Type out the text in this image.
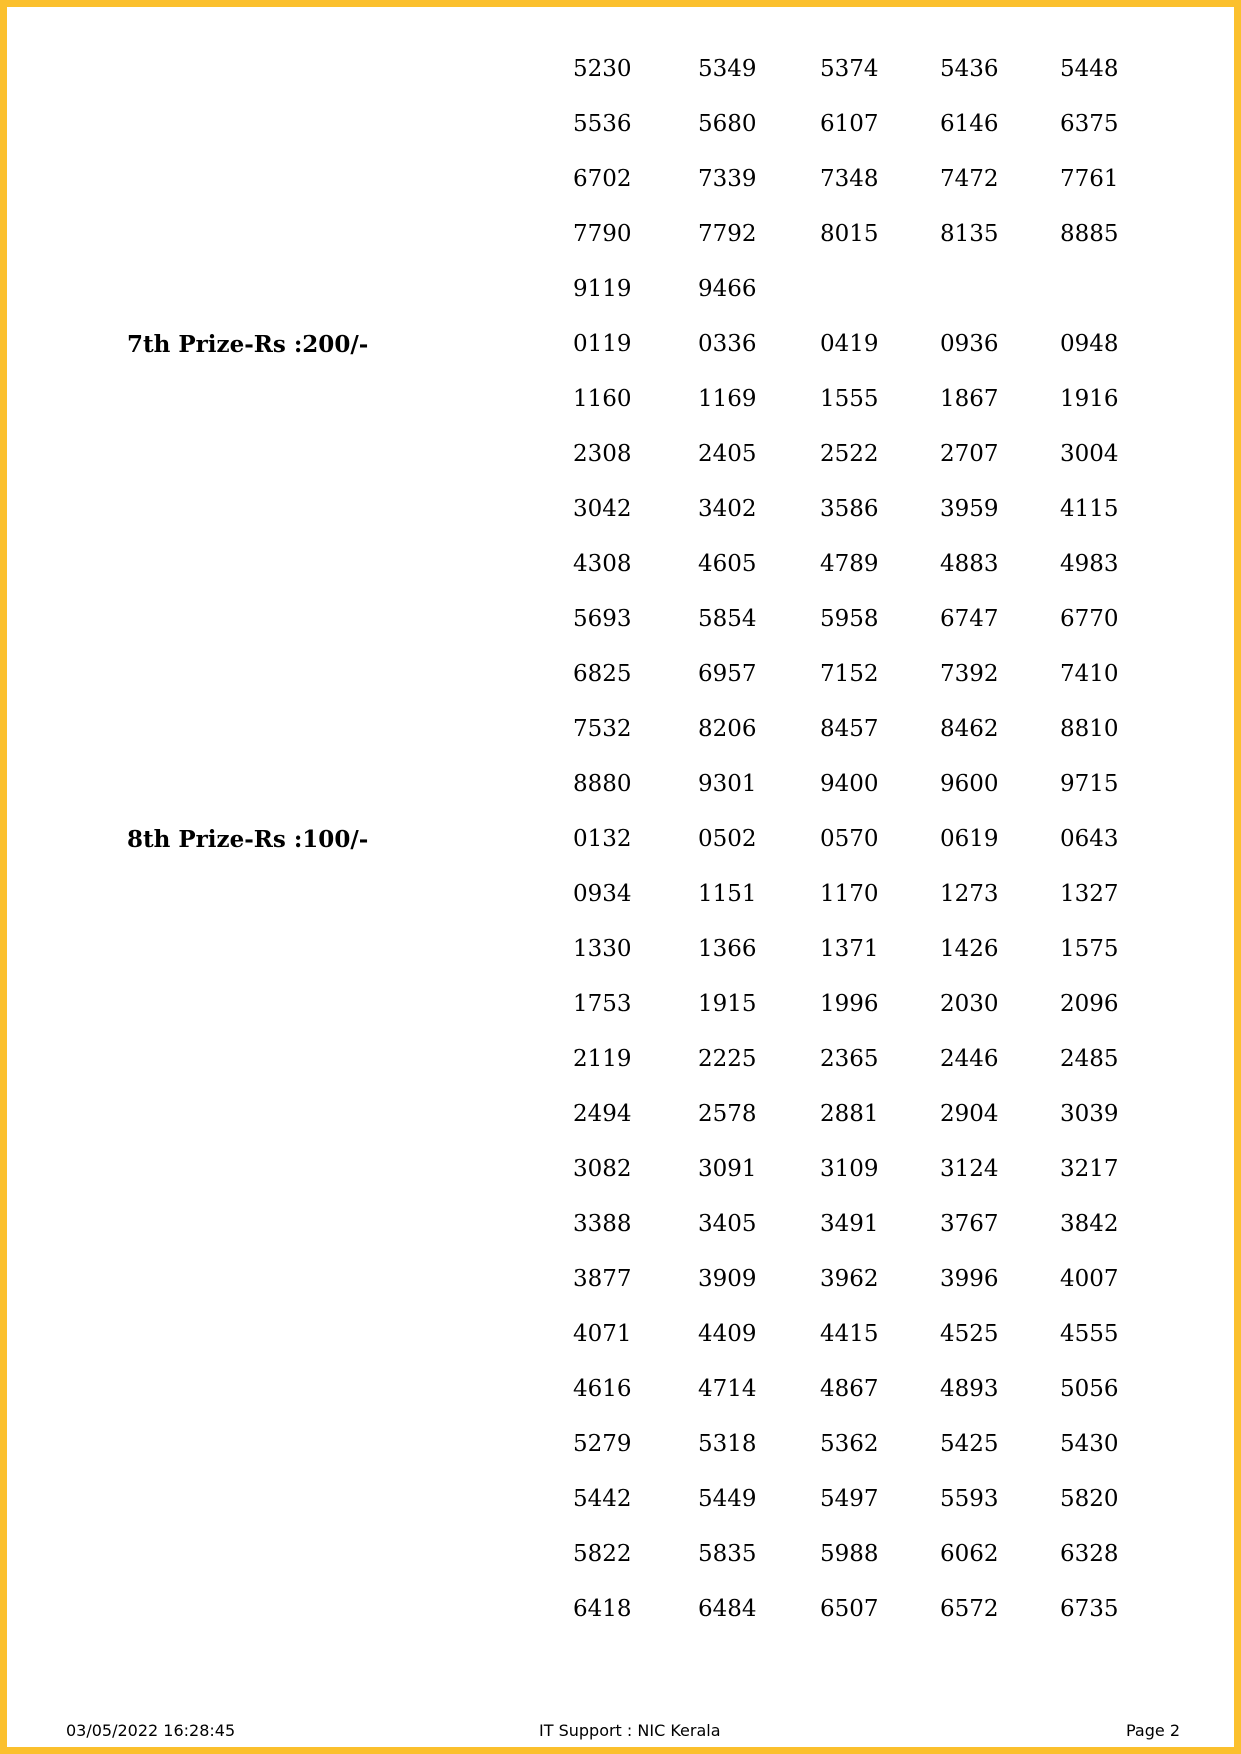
5230	5349	5374	5436	5448
5536	5680	6107	6146	6375
6702	7339	7348	7472	7761
7790	7792	8015	8135	8885
9119	9466
7th Prize-Rs :200/-	0119	0336	0419	0936	0948
1160	1169	1555	1867	1916
2308	2405	2522	2707	3004
3042	3402	3586	3959	4115
4308	4605	4789	4883	4983
5693	5854	5958	6747	6770
6825	6957	7152	7392	7410
7532	8206	8457	8462	8810
8880	9301	9400	9600	9715
8th Prize-Rs :100/-	0132	0502	0570	0619	0643
0934	1151	1170	1273	1327
1330	1366	1371	1426	1575
1753	1915	1996	2030	2096
2119	2225	2365	2446	2485
2494	2578	2881	2904	3039
3082	3091	3109	3124	3217
3388	3405	3491	3767	3842
3877	3909	3962	3996	4007
4071	4409	4415	4525	4555
4616	4714	4867	4893	5056
5279	5318	5362	5425	5430
5442	5449	5497	5593	5820
5822	5835	5988	6062	6328
6418	6484	6507	6572	6735
03/05/2022 16:28:45	IT Support : NIC Kerala	Page 2
